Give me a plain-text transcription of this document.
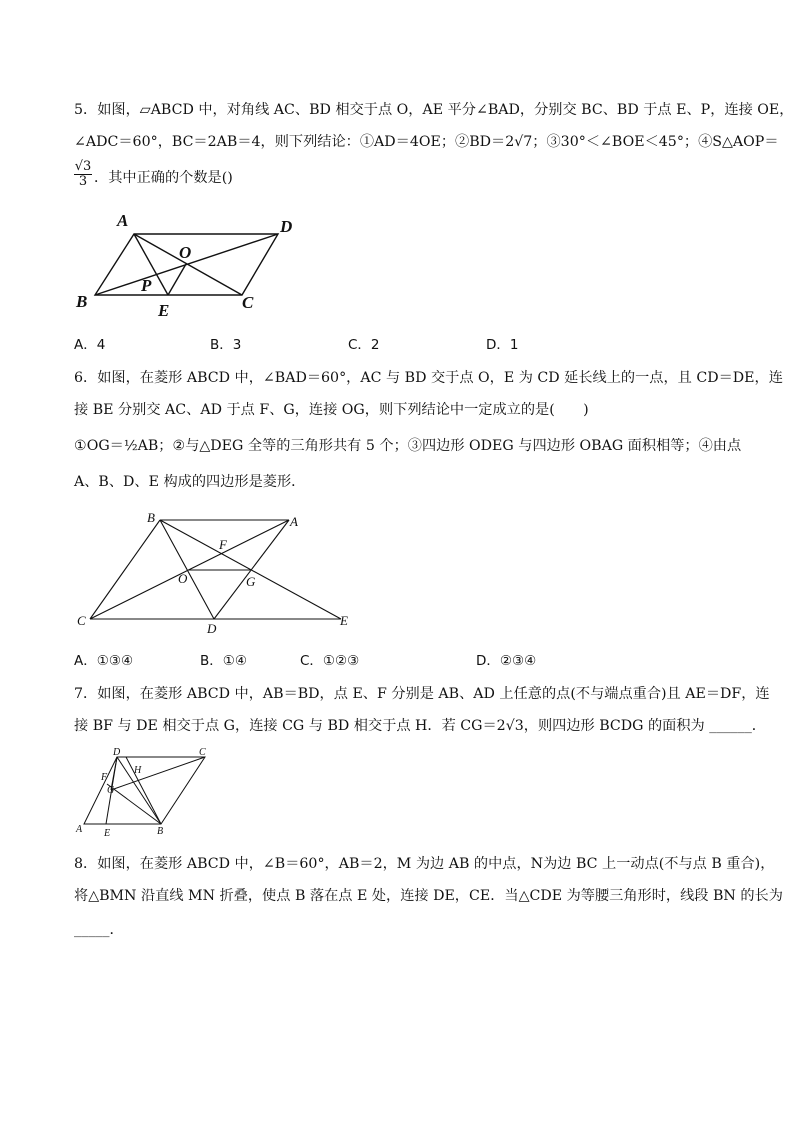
5．如图，▱ABCD 中，对角线 AC、BD 相交于点 O，AE 平分∠BAD，分别交 BC、BD 于点 E、P，连接 OE，
∠ADC＝60°，BC＝2AB＝4，则下列结论：①AD＝4OE；②BD＝2√7；③30°＜∠BOE＜45°；④S△AOP＝
$\frac{√3}{3}$ ．其中正确的个数是()
A	D
O
P
B	C
E
A．4	B．3	C．2	D．1
6．如图，在菱形 ABCD 中，∠BAD＝60°，AC 与 BD 交于点 O，E 为 CD 延长线上的一点，且 CD＝DE，连
接 BE 分别交 AC、AD 于点 F、G，连接 OG，则下列结论中一定成立的是(　　)
①OG＝½AB；②与△DEG 全等的三角形共有 5 个；③四边形 ODEG 与四边形 OBAG 面积相等；④由点
A、B、D、E 构成的四边形是菱形．
B	A
F
O	G
C
D
E
A．①③④	B．①④	C．①②③	D．②③④
7．如图，在菱形 ABCD 中，AB＝BD，点 E、F 分别是 AB、AD 上任意的点(不与端点重合)且 AE＝DF，连
接 BF 与 DE 相交于点 G，连接 CG 与 BD 相交于点 H．若 CG＝2√3，则四边形 BCDG 的面积为 ______．
D	C
H
F
G
A E	B
8．如图，在菱形 ABCD 中，∠B＝60°，AB＝2，M 为边 AB 的中点，N为边 BC 上一动点(不与点 B 重合)，
将△BMN 沿直线 MN 折叠，使点 B 落在点 E 处，连接 DE，CE．当△CDE 为等腰三角形时，线段 BN 的长为
_____．
